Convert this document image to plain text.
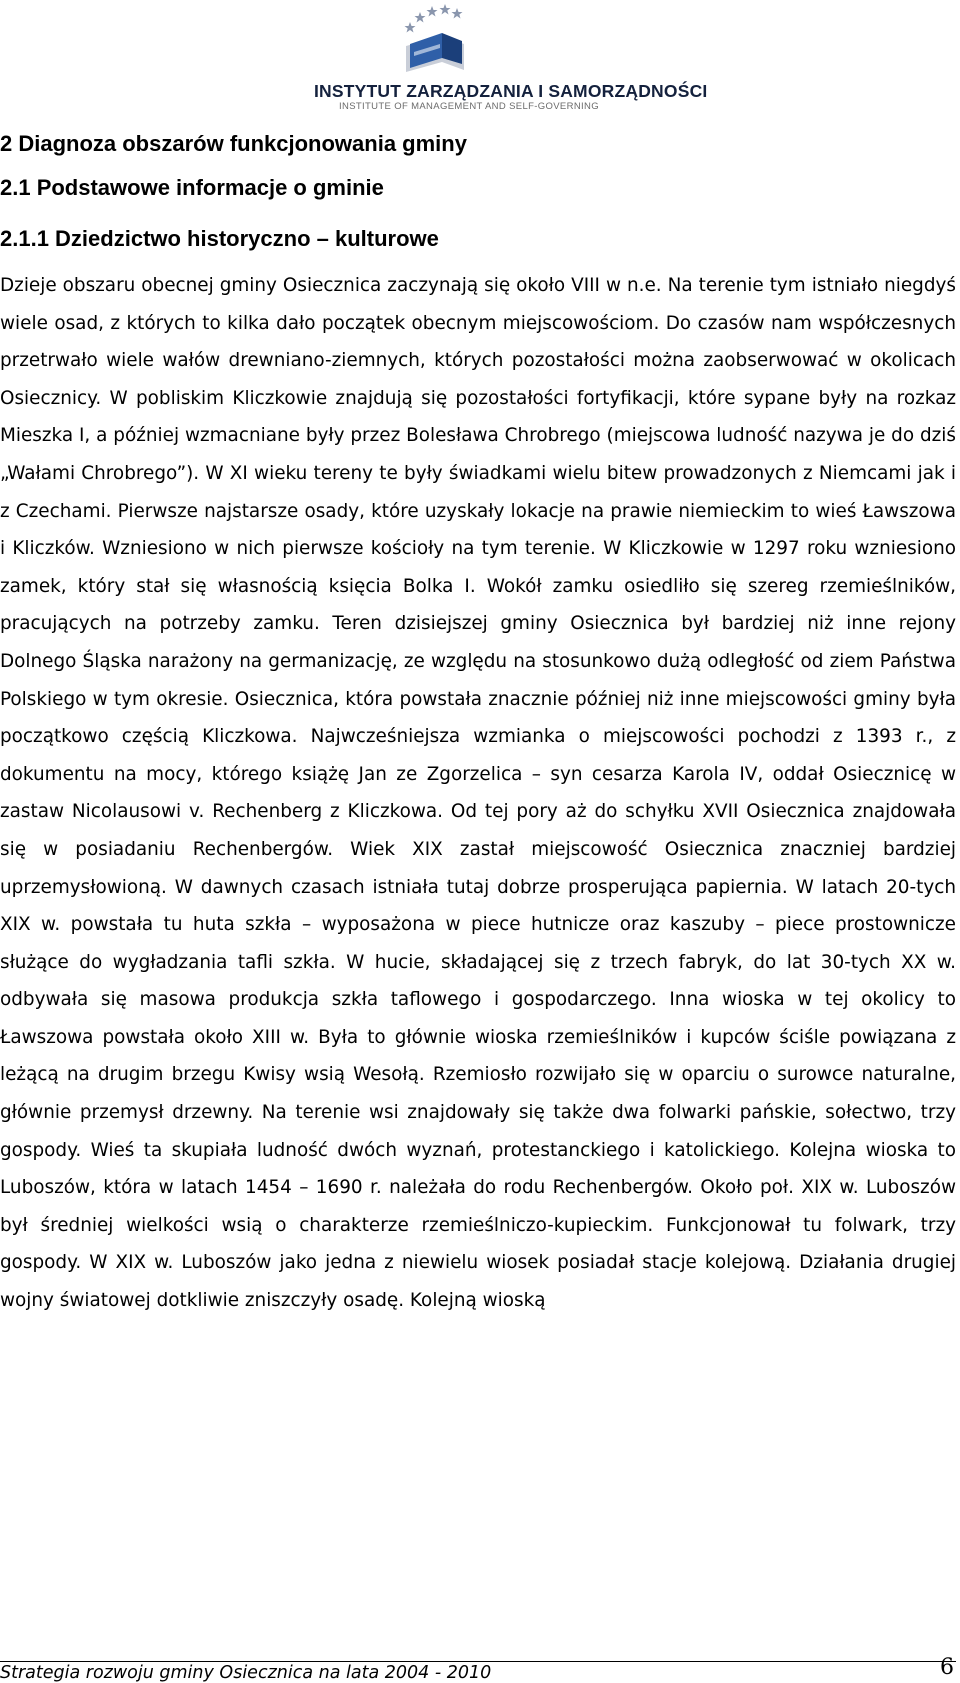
INSTYTUT ZARZĄDZANIA I SAMORZĄDNOŚCI
INSTITUTE OF MANAGEMENT AND SELF-GOVERNING
2 Diagnoza obszarów funkcjonowania gminy
2.1 Podstawowe informacje o gminie
2.1.1 Dziedzictwo historyczno – kulturowe

Dzieje obszaru obecnej gminy Osiecznica zaczynają się około VIII w n.e. Na terenie tym istniało niegdyś wiele osad, z których to kilka dało początek obecnym miejscowościom. Do czasów nam współczesnych przetrwało wiele wałów drewniano-ziemnych, których pozostałości można zaobserwować w okolicach Osiecznicy. W pobliskim Kliczkowie znajdują się pozostałości fortyfikacji, które sypane były na rozkaz Mieszka I, a później wzmacniane były przez Bolesława Chrobrego (miejscowa ludność nazywa je do dziś „Wałami Chrobrego”). W XI wieku tereny te były świadkami wielu bitew prowadzonych z Niemcami jak i z Czechami. Pierwsze najstarsze osady, które uzyskały lokacje na prawie niemieckim to wieś Ławszowa i Kliczków. Wzniesiono w nich pierwsze kościoły na tym terenie. W Kliczkowie w 1297 roku wzniesiono zamek, który stał się własnością księcia Bolka I. Wokół zamku osiedliło się szereg rzemieślników, pracujących na potrzeby zamku. Teren dzisiejszej gminy Osiecznica był bardziej niż inne rejony Dolnego Śląska narażony na germanizację, ze względu na stosunkowo dużą odległość od ziem Państwa Polskiego w tym okresie. Osiecznica, która powstała znacznie później niż inne miejscowości gminy była początkowo częścią Kliczkowa. Najwcześniejsza wzmianka o miejscowości pochodzi z 1393 r., z dokumentu na mocy, którego książę Jan ze Zgorzelica – syn cesarza Karola IV, oddał Osiecznicę w zastaw Nicolausowi v. Rechenberg z Kliczkowa. Od tej pory aż do schyłku XVII Osiecznica znajdowała się w posiadaniu Rechenbergów. Wiek XIX zastał miejscowość Osiecznica znaczniej bardziej uprzemysłowioną. W dawnych czasach istniała tutaj dobrze prosperująca papiernia. W latach 20-tych XIX w. powstała tu huta szkła – wyposażona w piece hutnicze oraz kaszuby – piece prostownicze służące do wygładzania tafli szkła. W hucie, składającej się z trzech fabryk, do lat 30-tych XX w. odbywała się masowa produkcja szkła taflowego i gospodarczego. Inna wioska w tej okolicy to Ławszowa powstała około XIII w. Była to głównie wioska rzemieślników i kupców ściśle powiązana z leżącą na drugim brzegu Kwisy wsią Wesołą. Rzemiosło rozwijało się w oparciu o surowce naturalne, głównie przemysł drzewny. Na terenie wsi znajdowały się także dwa folwarki pańskie, sołectwo, trzy gospody. Wieś ta skupiała ludność dwóch wyznań, protestanckiego i katolickiego. Kolejna wioska to Luboszów, która w latach 1454 – 1690 r. należała do rodu Rechenbergów. Około poł. XIX w. Luboszów był średniej wielkości wsią o charakterze rzemieślniczo-kupieckim. Funkcjonował tu folwark, trzy gospody. W XIX w. Luboszów jako jedna z niewielu wiosek posiadał stacje kolejową. Działania drugiej wojny światowej dotkliwie zniszczyły osadę. Kolejną wioską

Strategia rozwoju gminy Osiecznica na lata 2004 - 2010	6
